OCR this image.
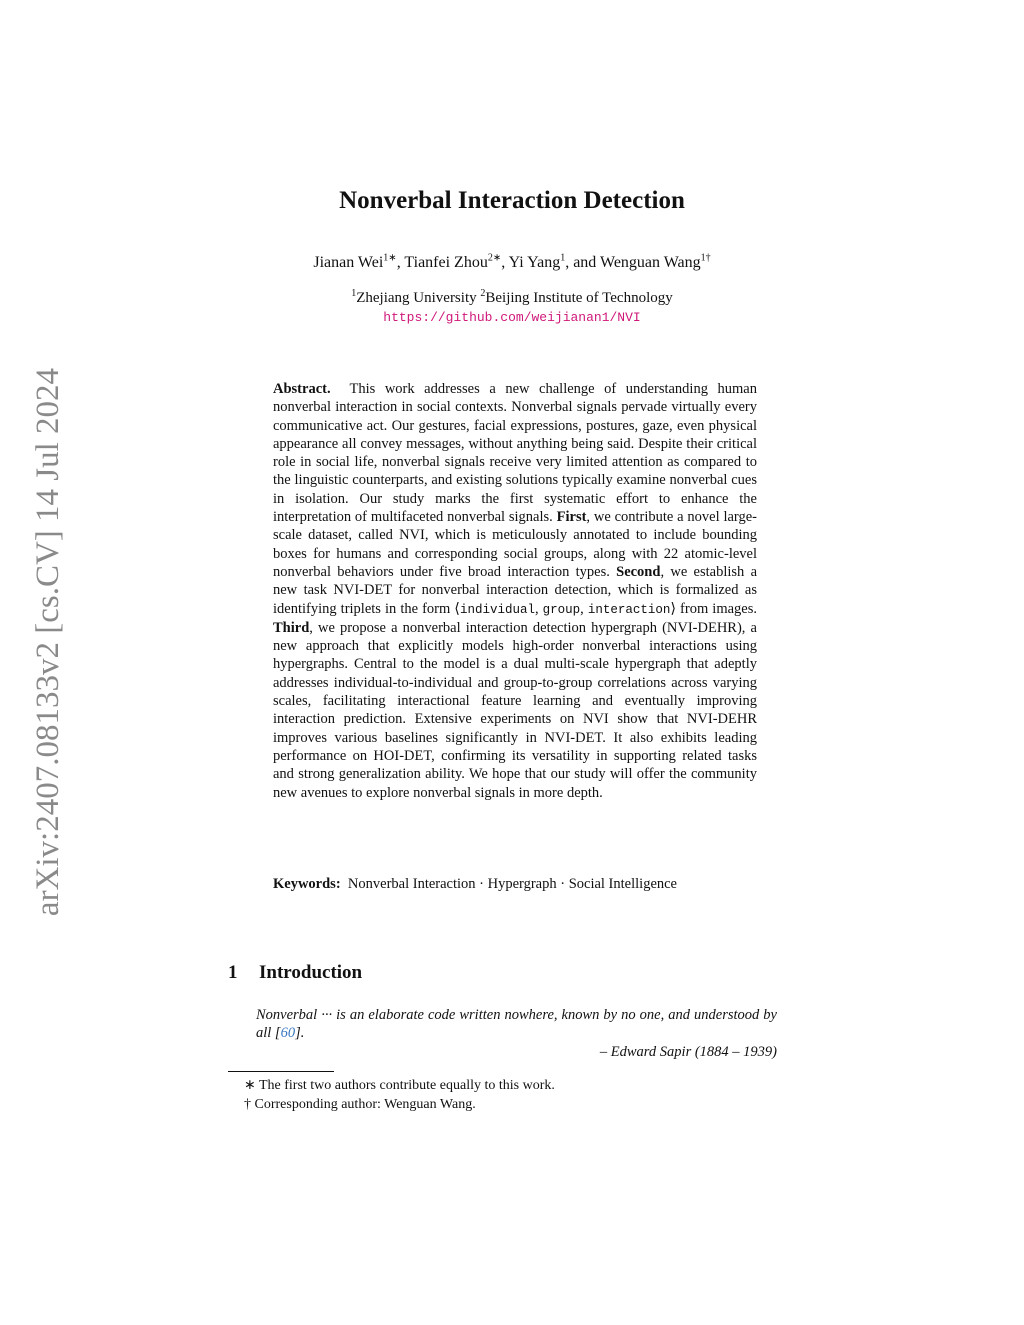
arXiv:2407.08133v2 [cs.CV] 14 Jul 2024
Nonverbal Interaction Detection
Jianan Wei$^{1∗}$, Tianfei Zhou$^{2∗}$, Yi Yang$^1$, and Wenguan Wang$^{1\dagger}$
$^1$Zhejiang University $^2$Beijing Institute of Technology
https://github.com/weijianan1/NVI
Abstract. This work addresses a new challenge of understanding human nonverbal interaction in social contexts. Nonverbal signals pervade virtually every communicative act. Our gestures, facial expressions, postures, gaze, even physical appearance all convey messages, without anything being said. Despite their critical role in social life, nonverbal signals receive very limited attention as compared to the linguistic counterparts, and existing solutions typically examine nonverbal cues in isolation. Our study marks the first systematic effort to enhance the interpretation of multifaceted nonverbal signals. First, we contribute a novel large-scale dataset, called NVI, which is meticulously annotated to include bounding boxes for humans and corresponding social groups, along with 22 atomic-level nonverbal behaviors under five broad interaction types. Second, we establish a new task NVI-DET for nonverbal interaction detection, which is formalized as identifying triplets in the form ⟨individual, group, interaction⟩ from images. Third, we propose a nonverbal interaction detection hypergraph (NVI-DEHR), a new approach that explicitly models high-order nonverbal interactions using hypergraphs. Central to the model is a dual multi-scale hypergraph that adeptly addresses individual-to-individual and group-to-group correlations across varying scales, facilitating interactional feature learning and eventually improving interaction prediction. Extensive experiments on NVI show that NVI-DEHR improves various baselines significantly in NVI-DET. It also exhibits leading performance on HOI-DET, confirming its versatility in supporting related tasks and strong generalization ability. We hope that our study will offer the community new avenues to explore nonverbal signals in more depth.
Keywords: Nonverbal Interaction · Hypergraph · Social Intelligence
1 Introduction
Nonverbal ··· is an elaborate code written nowhere, known by no one, and understood by all [60].
– Edward Sapir (1884 – 1939)
∗ The first two authors contribute equally to this work.
† Corresponding author: Wenguan Wang.
